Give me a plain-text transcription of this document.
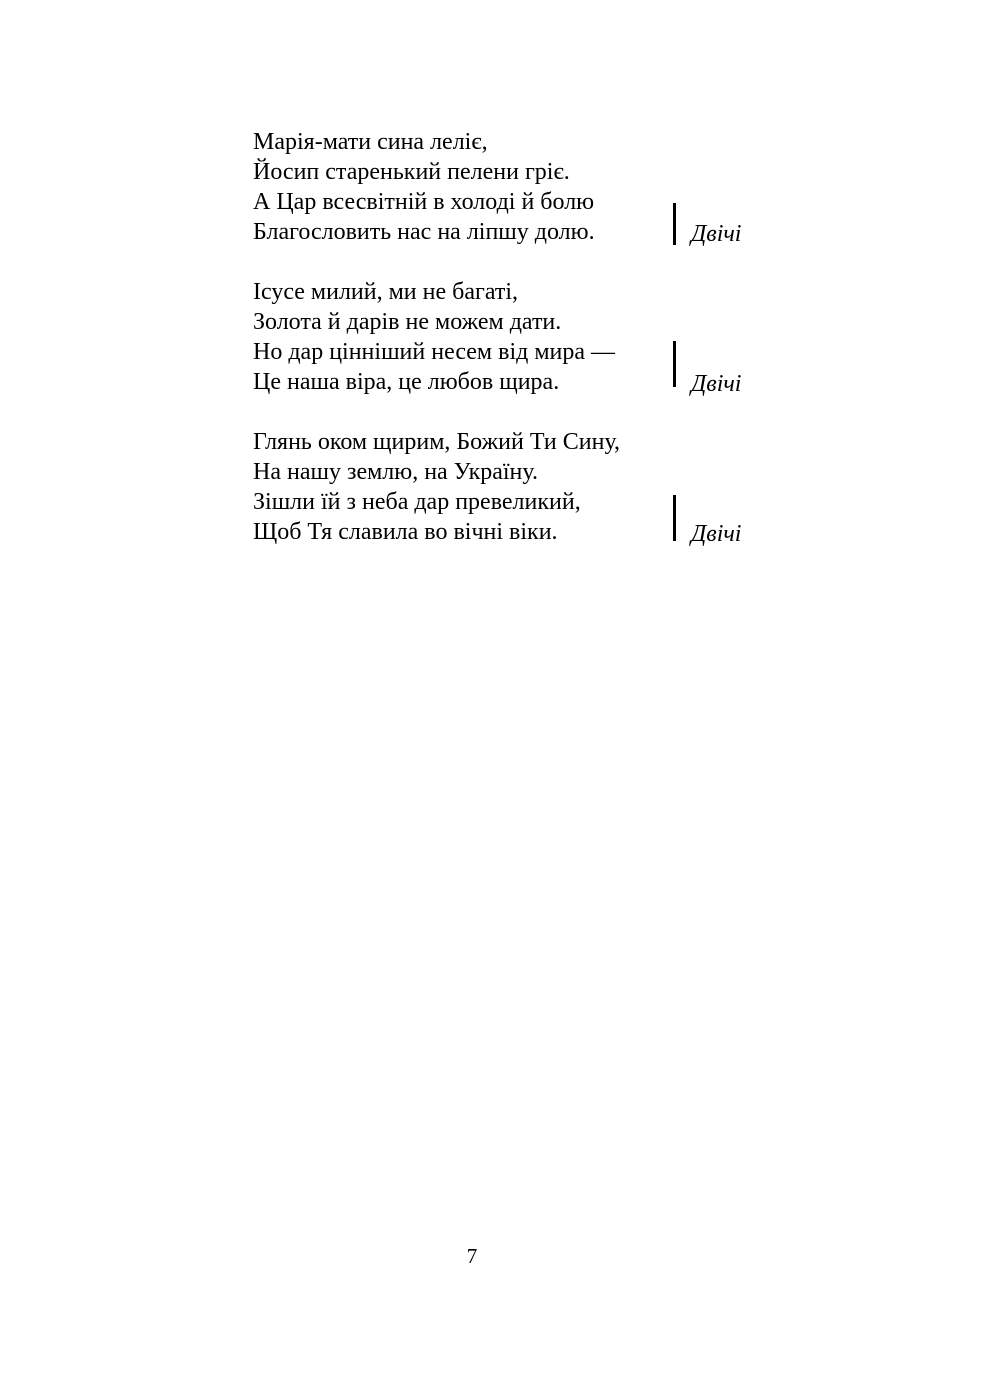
Марія-мати сина леліє,
Йосип старенький пелени гріє.
А Цар всесвітній в холоді й болю
Благословить нас на ліпшу долю.	Двічі
Ісусе милий, ми не багаті,
Золота й дарів не можем дати.
Но дар цінніший несем від мира —
Це наша віра, це любов щира.	Двічі
Глянь оком щирим, Божий Ти Сину,
На нашу землю, на Україну.
Зішли їй з неба дар превеликий,
Щоб Тя славила во вічні віки.	Двічі
7
